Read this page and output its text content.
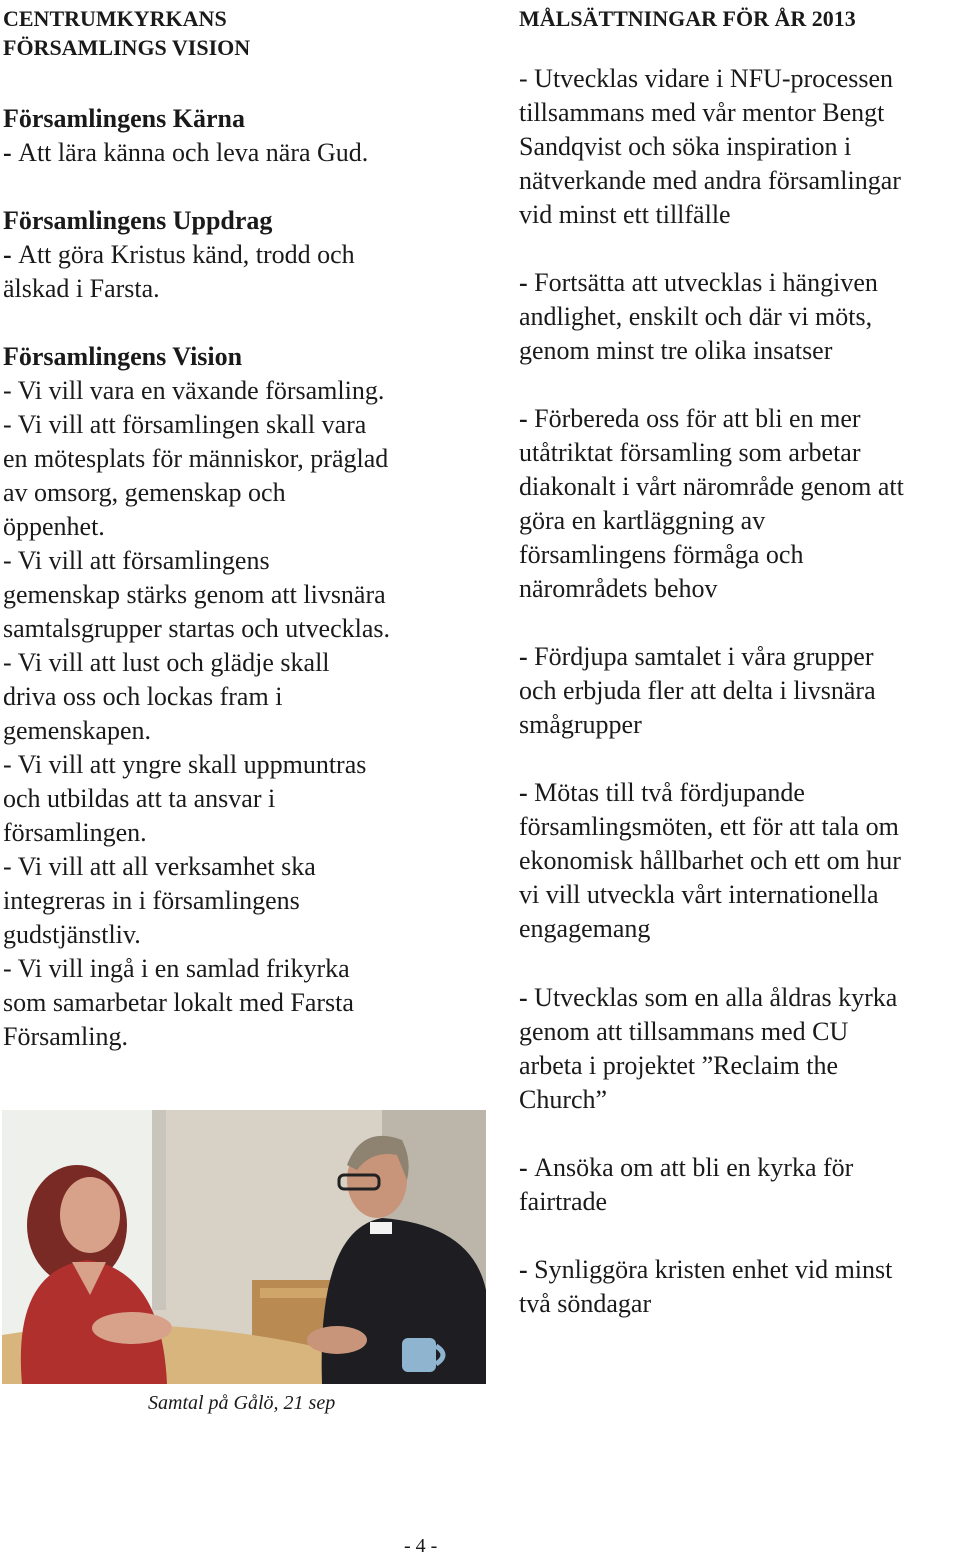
CENTRUMKYRKANS
FÖRSAMLINGS VISION
Församlingens Kärna
- Att lära känna och leva nära Gud.
Församlingens Uppdrag
- Att göra Kristus känd, trodd och
älskad i Farsta.
Församlingens Vision
- Vi vill vara en växande församling.
- Vi vill att församlingen skall vara
en mötesplats för människor, präglad
av omsorg, gemenskap och
öppenhet.
- Vi vill att församlingens
gemenskap stärks genom att livsnära
samtalsgrupper startas och utvecklas.
- Vi vill att lust och glädje skall
driva oss och lockas fram i
gemenskapen.
- Vi vill att yngre skall uppmuntras
och utbildas att ta ansvar i
församlingen.
- Vi vill att all verksamhet ska
integreras in i församlingens
gudstjänstliv.
- Vi vill ingå i en samlad frikyrka
som samarbetar lokalt med Farsta
Församling.
Samtal på Gålö, 21 sep
MÅLSÄTTNINGAR FÖR ÅR 2013
- Utvecklas vidare i NFU-processen
tillsammans med vår mentor Bengt
Sandqvist och söka inspiration i
nätverkande med andra församlingar
vid minst ett tillfälle
- Fortsätta att utvecklas i hängiven
andlighet, enskilt och där vi möts,
genom minst tre olika insatser
- Förbereda oss för att bli en mer
utåtriktat församling som arbetar
diakonalt i vårt närområde genom att
göra en kartläggning av
församlingens förmåga och
närområdets behov
- Fördjupa samtalet i våra grupper
och erbjuda fler att delta i livsnära
smågrupper
- Mötas till två fördjupande
församlingsmöten, ett för att tala om
ekonomisk hållbarhet och ett om hur
vi vill utveckla vårt internationella
engagemang
- Utvecklas som en alla åldras kyrka
genom att tillsammans med CU
arbeta i projektet ”Reclaim the
Church”
- Ansöka om att bli en kyrka för
fairtrade
- Synliggöra kristen enhet vid minst
två söndagar
- 4 -
